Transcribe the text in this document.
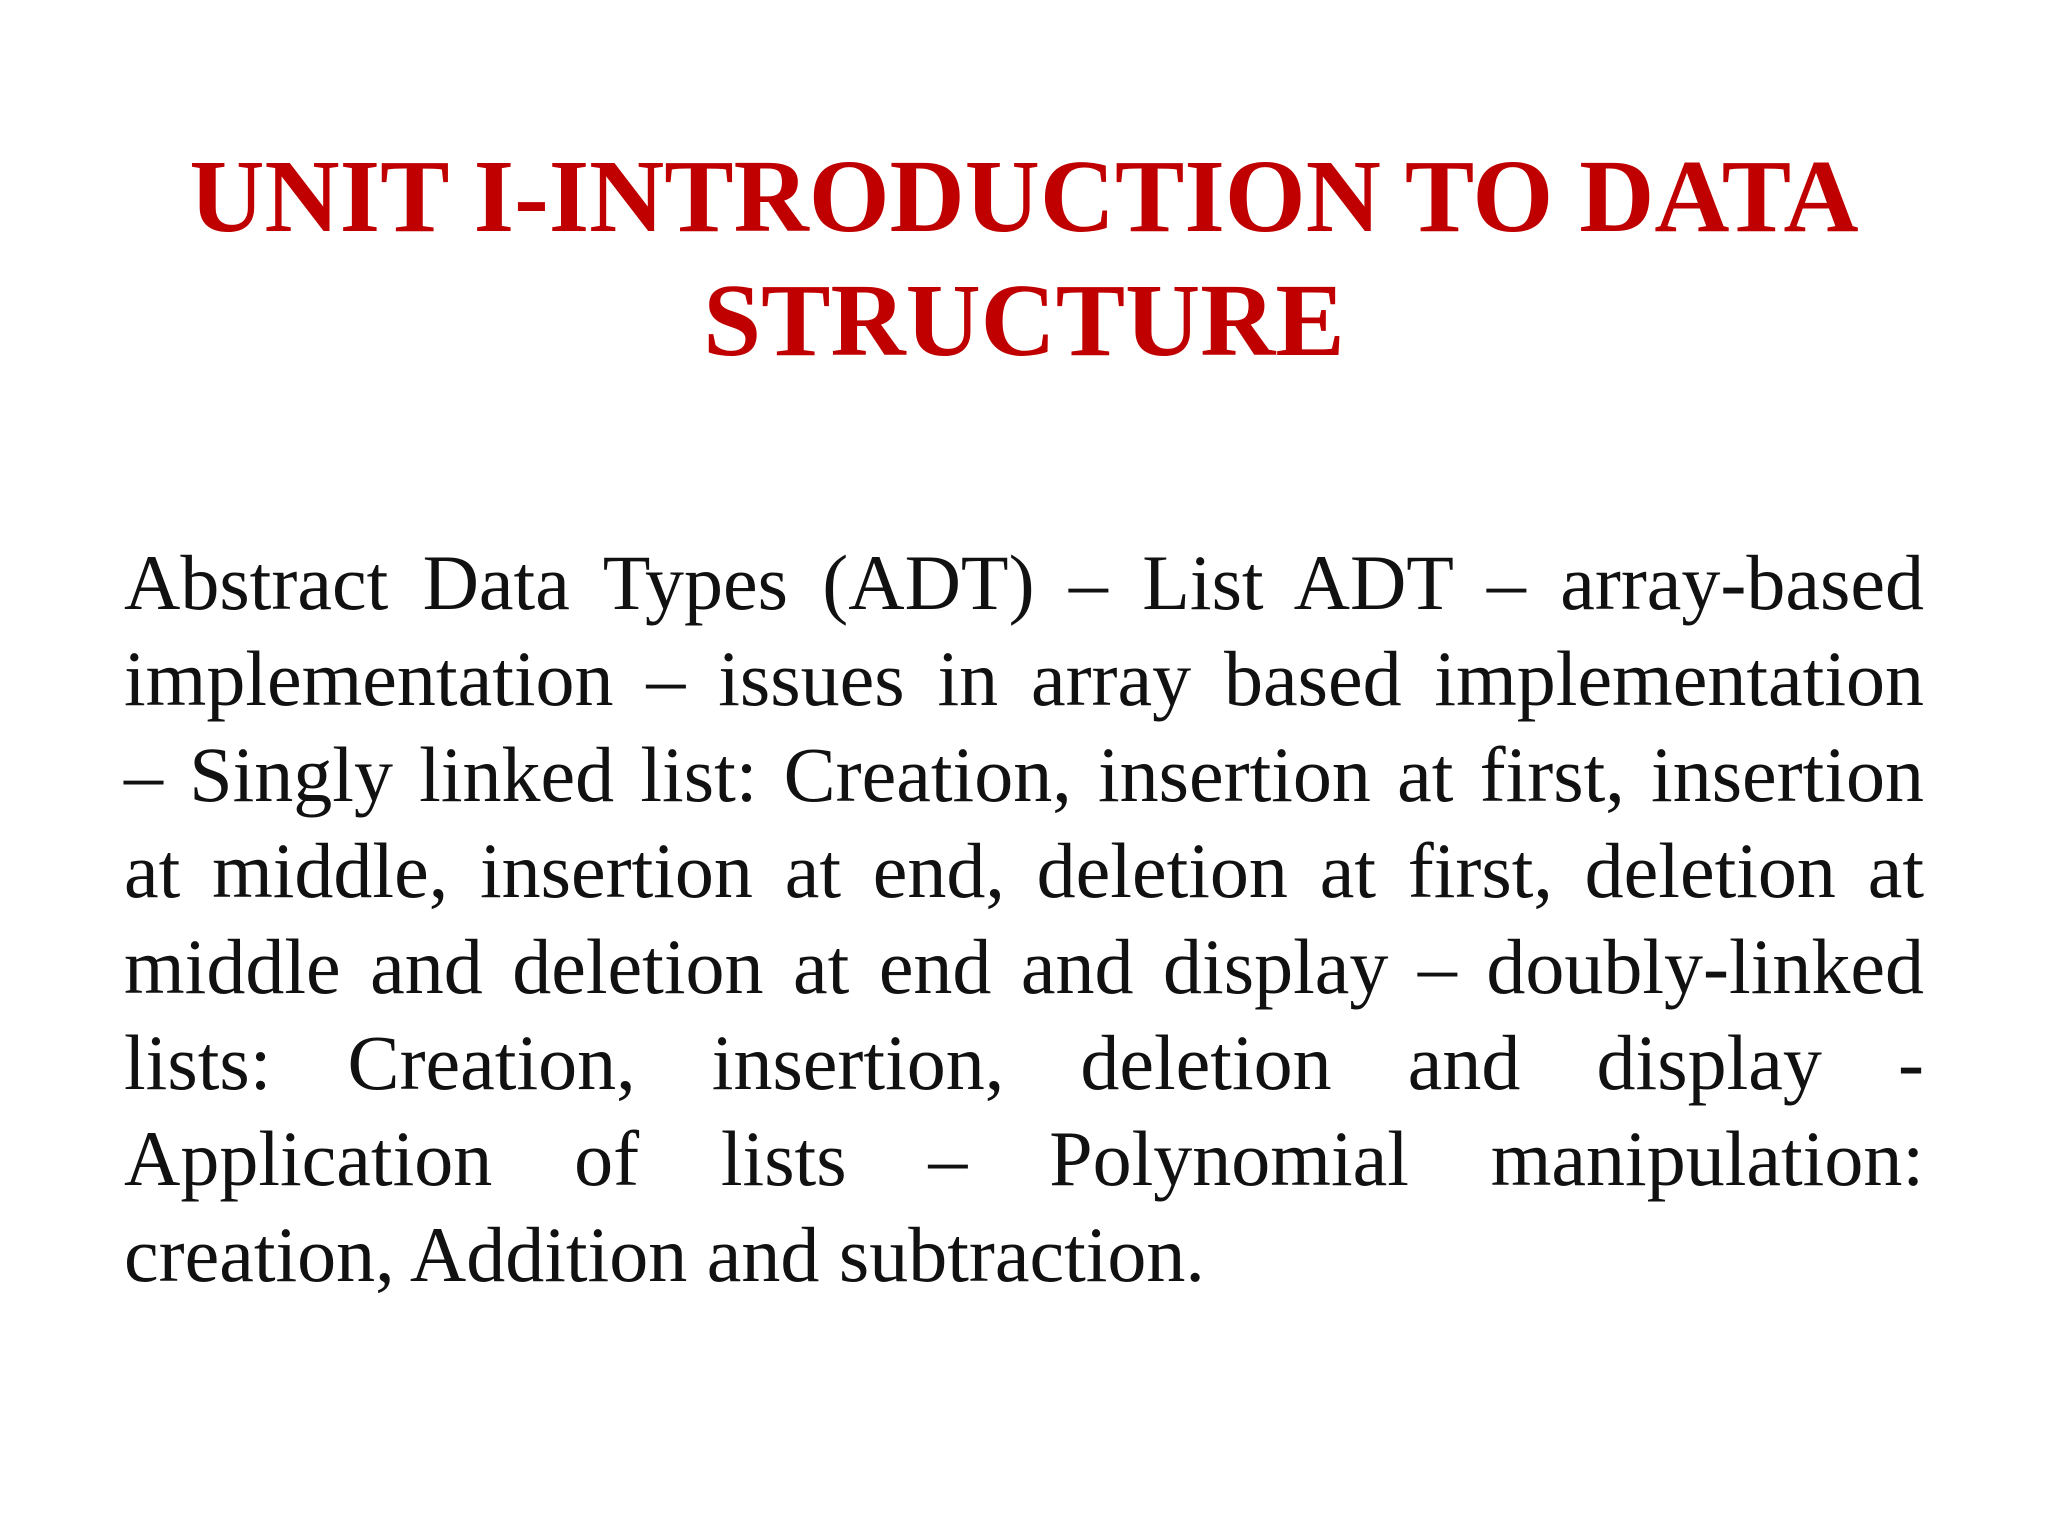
UNIT I-INTRODUCTION TO DATA
STRUCTURE
Abstract Data Types (ADT) – List ADT – array-based
implementation – issues in array based implementation
– Singly linked list: Creation, insertion at first, insertion
at middle, insertion at end, deletion at first, deletion at
middle and deletion at end and display – doubly-linked
lists: Creation, insertion, deletion and display -
Application of lists – Polynomial manipulation:
creation, Addition and subtraction.
